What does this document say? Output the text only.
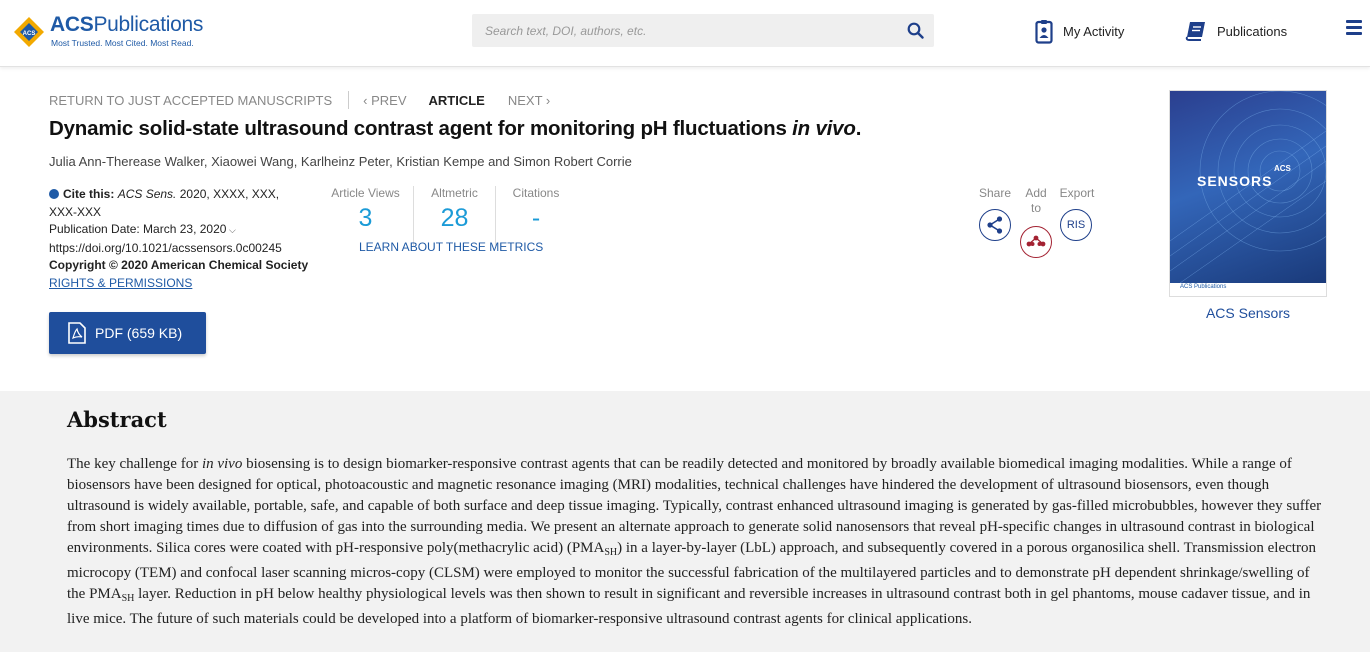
ACS ACSPublications
Most Trusted. Most Cited. Most Read.
Search text, DOI, authors, etc.
My Activity	Publications
RETURN TO JUST ACCEPTED MANUSCRIPTS ‹ PREV ARTICLE NEXT ›
Dynamic solid-state ultrasound contrast agent for monitoring pH fluctuations in vivo.
Julia Ann-Therease Walker, Xiaowei Wang, Karlheinz Peter, Kristian Kempe and Simon Robert Corrie
Cite this: ACS Sens. 2020, XXXX, XXX, XXX-XXX
Publication Date: March 23, 2020 ⌵
https://doi.org/10.1021/acssensors.0c00245
Copyright © 2020 American Chemical Society
RIGHTS & PERMISSIONS
Article Views
3
Altmetric
28
Citations
-
LEARN ABOUT THESE METRICS
Share	Add
to
Export
RIS
PDF (659 KB)
ACS
SENSORS
ACS Publications
ACS Sensors
Abstract
The key challenge for in vivo biosensing is to design biomarker-responsive contrast agents that can be readily detected and monitored by broadly available biomedical imaging modalities. While a range of biosensors have been designed for optical, photoacoustic and magnetic resonance imaging (MRI) modalities, technical challenges have hindered the development of ultrasound biosensors, even though ultrasound is widely available, portable, safe, and capable of both surface and deep tissue imaging. Typically, contrast enhanced ultrasound imaging is generated by gas-filled microbubbles, however they suffer from short imaging times due to diffusion of gas into the surrounding media. We present an alternate approach to generate solid nanosensors that reveal pH-specific changes in ultrasound contrast in biological environments. Silica cores were coated with pH-responsive poly(methacrylic acid) $(PMA_{SH})$ in a layer-by-layer (LbL) approach, and subsequently covered in a porous organosilica shell. Transmission electron microcopy (TEM) and confocal laser scanning micros-copy (CLSM) were employed to monitor the successful fabrication of the multilayered particles and to demonstrate pH dependent shrinkage/swelling of the $PMA_{SH}$ layer. Reduction in pH below healthy physiological levels was then shown to result in significant and reversible increases in ultrasound contrast both in gel phantoms, mouse cadaver tissue, and in live mice. The future of such materials could be developed into a platform of biomarker-responsive ultrasound contrast agents for clinical applications.
